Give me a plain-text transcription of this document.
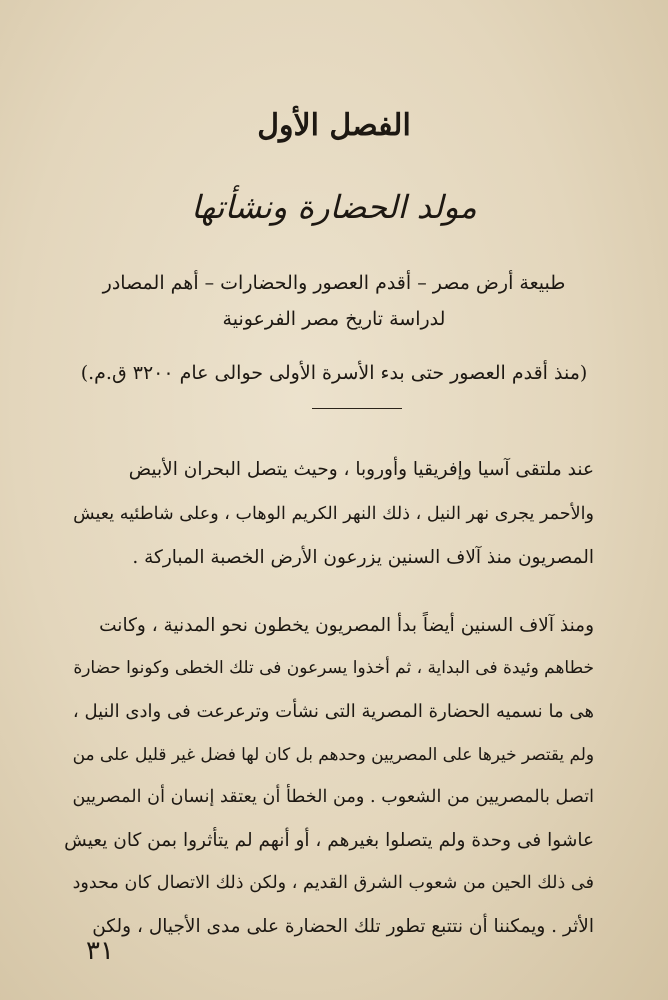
الفصل الأول
مولد الحضارة ونشأتها
طبيعة أرض مصر – أقدم العصور والحضارات – أهم المصادر
لدراسة تاريخ مصر الفرعونية
(منذ أقدم العصور حتى بدء الأسرة الأولى حوالى عام ٣٢٠٠ ق.م.)
عند ملتقى آسيا وإفريقيا وأوروبا ، وحيث يتصل البحران الأبيض
والأحمر يجرى نهر النيل ، ذلك النهر الكريم الوهاب ، وعلى شاطئيه يعيش
المصريون منذ آلاف السنين يزرعون الأرض الخصبة المباركة .
ومنذ آلاف السنين أيضاً بدأ المصريون يخطون نحو المدنية ، وكانت
خطاهم وئيدة فى البداية ، ثم أخذوا يسرعون فى تلك الخطى وكونوا حضارة
هى ما نسميه الحضارة المصرية التى نشأت وترعرعت فى وادى النيل ،
ولم يقتصر خيرها على المصريين وحدهم بل كان لها فضل غير قليل على من
اتصل بالمصريين من الشعوب . ومن الخطأ أن يعتقد إنسان أن المصريين
عاشوا فى وحدة ولم يتصلوا بغيرهم ، أو أنهم لم يتأثروا بمن كان يعيش
فى ذلك الحين من شعوب الشرق القديم ، ولكن ذلك الاتصال كان محدود
الأثر . ويمكننا أن نتتبع تطور تلك الحضارة على مدى الأجيال ، ولكن
٣١
